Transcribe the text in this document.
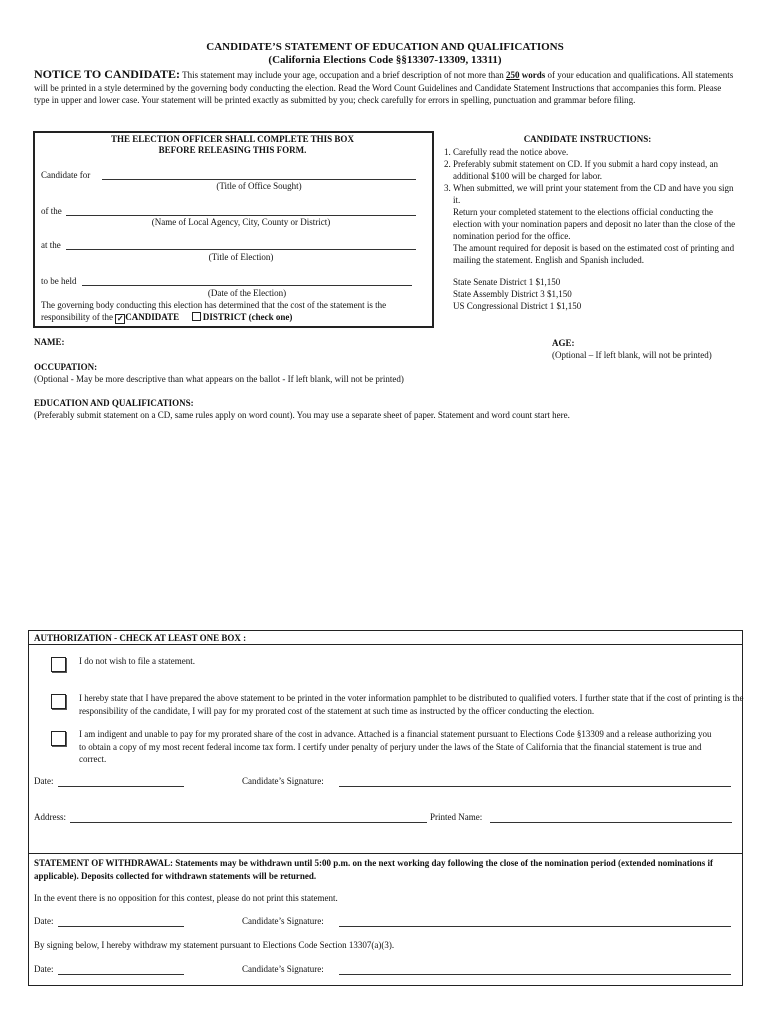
CANDIDATE’S STATEMENT OF EDUCATION AND QUALIFICATIONS
(California Elections Code §§13307-13309, 13311)
NOTICE TO CANDIDATE: This statement may include your age, occupation and a brief description of not more than 250 words of your education and qualifications. All statements will be printed in a style determined by the governing body conducting the election. Read the Word Count Guidelines and Candidate Statement Instructions that accompanies this form. Please type in upper and lower case. Your statement will be printed exactly as submitted by you; check carefully for errors in spelling, punctuation and grammar before filing.
THE ELECTION OFFICER SHALL COMPLETE THIS BOX
BEFORE RELEASING THIS FORM.
Candidate for
(Title of Office Sought)
of the
(Name of Local Agency, City, County or District)
at the
(Title of Election)
to be held
(Date of the Election)
The governing body conducting this election has determined that the cost of the statement is the responsibility of the ✓ CANDIDATE	DISTRICT (check one)
CANDIDATE INSTRUCTIONS:
1. Carefully read the notice above.
2. Preferably submit statement on CD. If you submit a hard copy instead, an additional $100 will be charged for labor.
3. When submitted, we will print your statement from the CD and have you sign it.
Return your completed statement to the elections official conducting the election with your nomination papers and deposit no later than the close of the nomination period for the office.
The amount required for deposit is based on the estimated cost of printing and mailing the statement. English and Spanish included.
State Senate District 1 $1,150
State Assembly District 3 $1,150
US Congressional District 1 $1,150
NAME:	AGE:
(Optional – If left blank, will not be printed)
OCCUPATION:
(Optional - May be more descriptive than what appears on the ballot - If left blank, will not be printed)
EDUCATION AND QUALIFICATIONS:
(Preferably submit statement on a CD, same rules apply on word count). You may use a separate sheet of paper. Statement and word count start here.
AUTHORIZATION - CHECK AT LEAST ONE BOX :
I do not wish to file a statement.
I hereby state that I have prepared the above statement to be printed in the voter information pamphlet to be distributed to qualified voters. I further state that if the cost of printing is the responsibility of the candidate, I will pay for my prorated cost of the statement at such time as instructed by the officer conducting the election.
I am indigent and unable to pay for my prorated share of the cost in advance. Attached is a financial statement pursuant to Elections Code §13309 and a release authorizing you to obtain a copy of my most recent federal income tax form. I certify under penalty of perjury under the laws of the State of California that the financial statement is true and correct.
Date:	Candidate’s Signature:
Address:	Printed Name:
STATEMENT OF WITHDRAWAL: Statements may be withdrawn until 5:00 p.m. on the next working day following the close of the nomination period (extended nominations if applicable). Deposits collected for withdrawn statements will be returned.
In the event there is no opposition for this contest, please do not print this statement.
Date:	Candidate’s Signature:
By signing below, I hereby withdraw my statement pursuant to Elections Code Section 13307(a)(3).
Date:	Candidate’s Signature:
